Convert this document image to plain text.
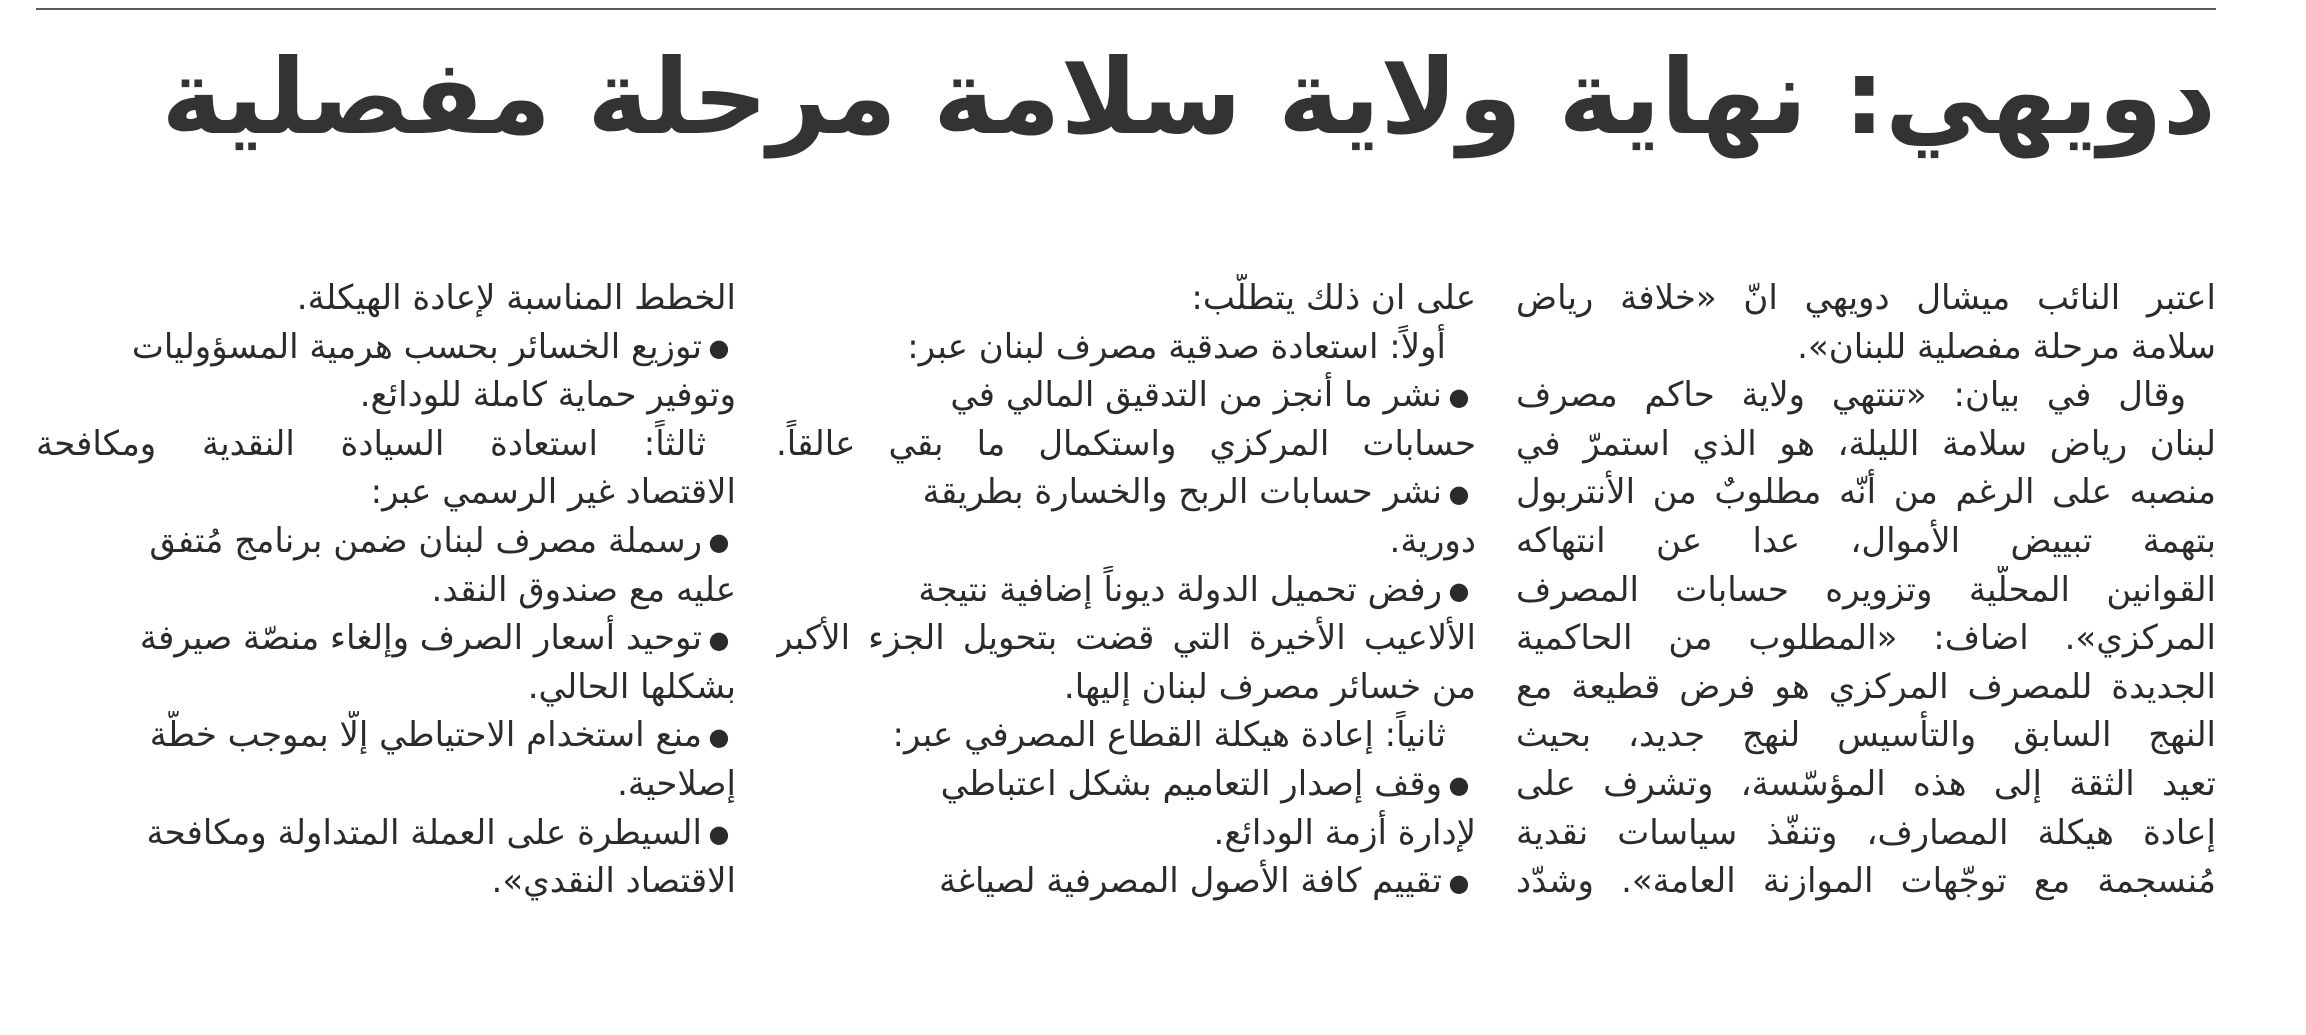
دويهي: نهاية ولاية سلامة مرحلة مفصلية
اعتبر النائب ميشال دويهي انّ «خلافة رياض
سلامة مرحلة مفصلية للبنان».
وقال في بيان: «تنتهي ولاية حاكم مصرف
لبنان رياض سلامة الليلة، هو الذي استمرّ في
منصبه على الرغم من أنّه مطلوبٌ من الأنتربول
بتهمة تبييض الأموال، عدا عن انتهاكه
القوانين المحلّية وتزويره حسابات المصرف
المركزي». اضاف: «المطلوب من الحاكمية
الجديدة للمصرف المركزي هو فرض قطيعة مع
النهج السابق والتأسيس لنهج جديد، بحيث
تعيد الثقة إلى هذه المؤسّسة، وتشرف على
إعادة هيكلة المصارف، وتنفّذ سياسات نقدية
مُنسجمة مع توجّهات الموازنة العامة». وشدّد
على ان ذلك يتطلّب:
أولاً: استعادة صدقية مصرف لبنان عبر:
●نشر ما أُنجز من التدقيق المالي في
حسابات المركزي واستكمال ما بقي عالقاً.
●نشر حسابات الربح والخسارة بطريقة
دورية.
●رفض تحميل الدولة ديوناً إضافية نتيجة
الألاعيب الأخيرة التي قضت بتحويل الجزء الأكبر
من خسائر مصرف لبنان إليها.
ثانياً: إعادة هيكلة القطاع المصرفي عبر:
●وقف إصدار التعاميم بشكل اعتباطي
لإدارة أزمة الودائع.
●تقييم كافة الأصول المصرفية لصياغة
الخطط المناسبة لإعادة الهيكلة.
●توزيع الخسائر بحسب هرمية المسؤوليات
وتوفير حماية كاملة للودائع.
ثالثاً: استعادة السيادة النقدية ومكافحة
الاقتصاد غير الرسمي عبر:
●رسملة مصرف لبنان ضمن برنامج مُتفق
عليه مع صندوق النقد.
●توحيد أسعار الصرف وإلغاء منصّة صيرفة
بشكلها الحالي.
●منع استخدام الاحتياطي إلّا بموجب خطّة
إصلاحية.
●السيطرة على العملة المتداولة ومكافحة
الاقتصاد النقدي».
